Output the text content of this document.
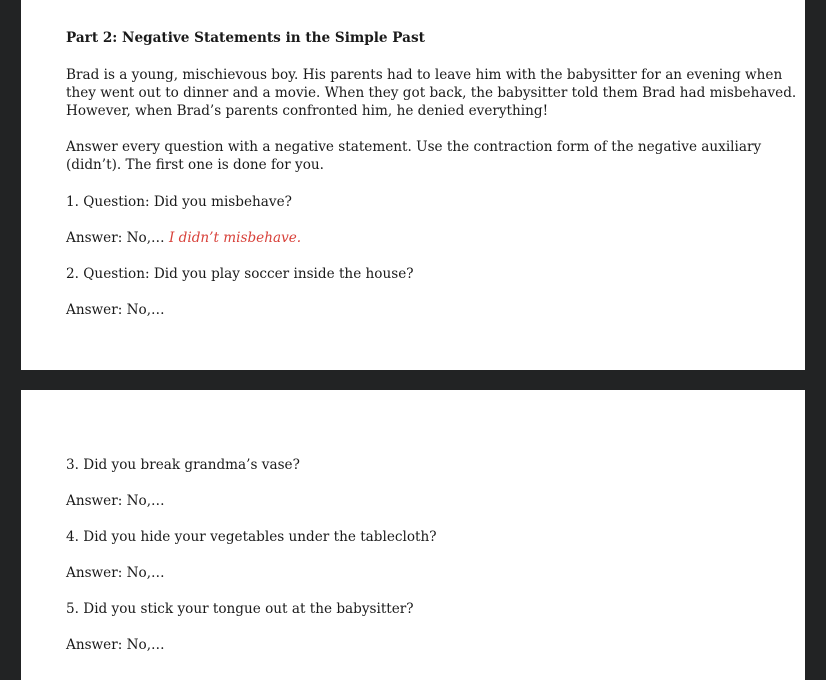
Part 2: Negative Statements in the Simple Past

Brad is a young, mischievous boy. His parents had to leave him with the babysitter for an evening when

they went out to dinner and a movie. When they got back, the babysitter told them Brad had misbehaved.

However, when Brad’s parents confronted him, he denied everything!

Answer every question with a negative statement. Use the contraction form of the negative auxiliary

(didn’t). The first one is done for you.

1. Question: Did you misbehave?

Answer: No,… I didn’t misbehave.

2. Question: Did you play soccer inside the house?

Answer: No,…

3. Did you break grandma’s vase?

Answer: No,…

4. Did you hide your vegetables under the tablecloth?

Answer: No,…

5. Did you stick your tongue out at the babysitter?

Answer: No,…
